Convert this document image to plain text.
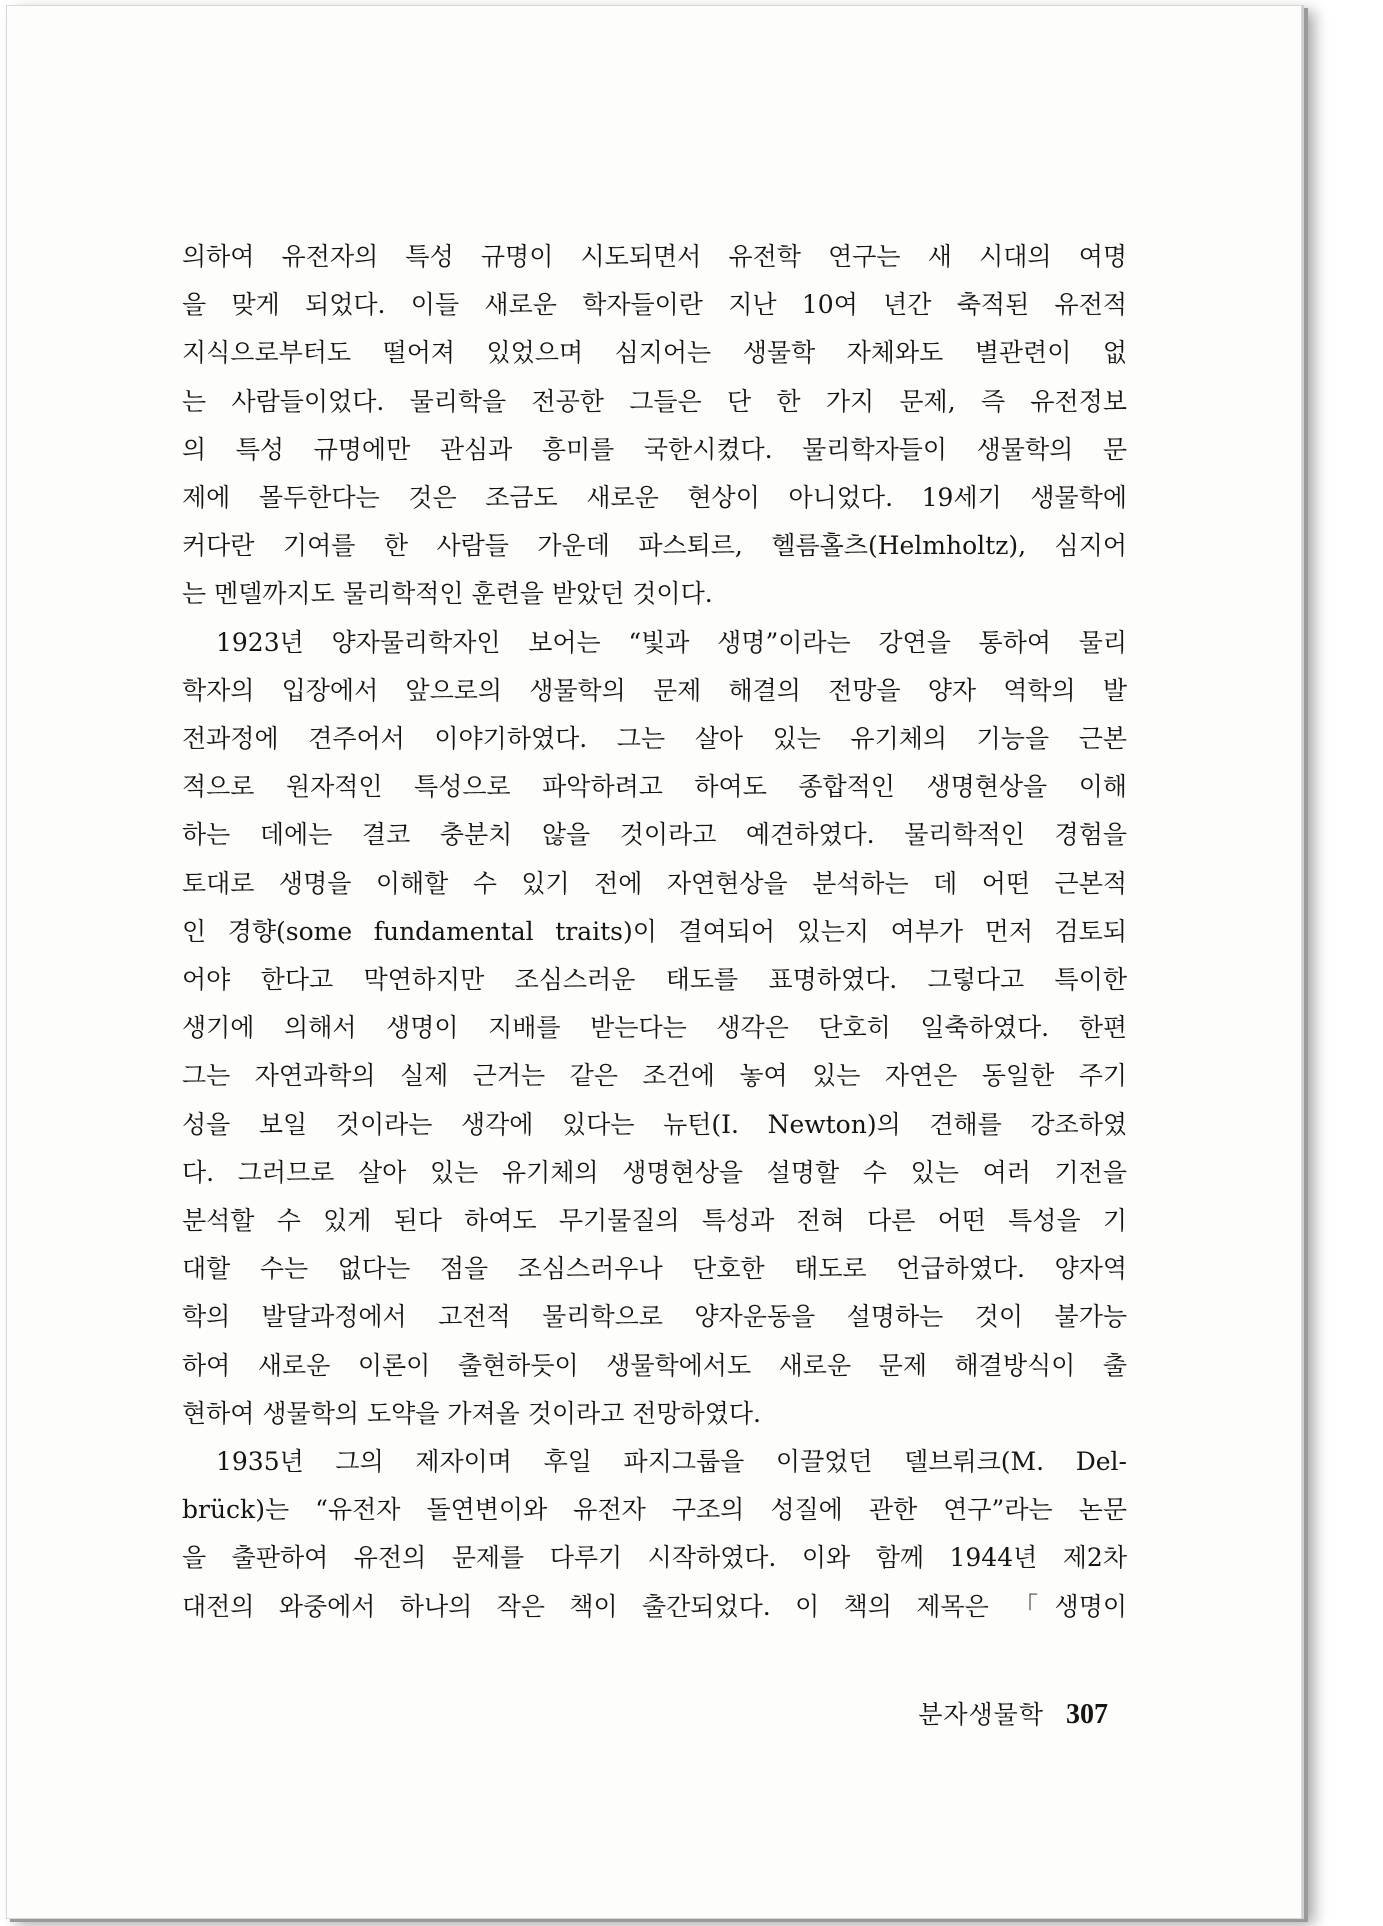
의하여 유전자의 특성 규명이 시도되면서 유전학 연구는 새 시대의 여명
을 맞게 되었다. 이들 새로운 학자들이란 지난 10여 년간 축적된 유전적
지식으로부터도 떨어져 있었으며 심지어는 생물학 자체와도 별관련이 없
는 사람들이었다. 물리학을 전공한 그들은 단 한 가지 문제, 즉 유전정보
의 특성 규명에만 관심과 흥미를 국한시켰다. 물리학자들이 생물학의 문
제에 몰두한다는 것은 조금도 새로운 현상이 아니었다. 19세기 생물학에
커다란 기여를 한 사람들 가운데 파스퇴르, 헬름홀츠(Helmholtz), 심지어
는 멘델까지도 물리학적인 훈련을 받았던 것이다.

1923년 양자물리학자인 보어는 “빛과 생명”이라는 강연을 통하여 물리
학자의 입장에서 앞으로의 생물학의 문제 해결의 전망을 양자 역학의 발
전과정에 견주어서 이야기하였다. 그는 살아 있는 유기체의 기능을 근본
적으로 원자적인 특성으로 파악하려고 하여도 종합적인 생명현상을 이해
하는 데에는 결코 충분치 않을 것이라고 예견하였다. 물리학적인 경험을
토대로 생명을 이해할 수 있기 전에 자연현상을 분석하는 데 어떤 근본적
인 경향(some fundamental traits)이 결여되어 있는지 여부가 먼저 검토되
어야 한다고 막연하지만 조심스러운 태도를 표명하였다. 그렇다고 특이한
생기에 의해서 생명이 지배를 받는다는 생각은 단호히 일축하였다. 한편
그는 자연과학의 실제 근거는 같은 조건에 놓여 있는 자연은 동일한 주기
성을 보일 것이라는 생각에 있다는 뉴턴(I. Newton)의 견해를 강조하였
다. 그러므로 살아 있는 유기체의 생명현상을 설명할 수 있는 여러 기전을
분석할 수 있게 된다 하여도 무기물질의 특성과 전혀 다른 어떤 특성을 기
대할 수는 없다는 점을 조심스러우나 단호한 태도로 언급하였다. 양자역
학의 발달과정에서 고전적 물리학으로 양자운동을 설명하는 것이 불가능
하여 새로운 이론이 출현하듯이 생물학에서도 새로운 문제 해결방식이 출
현하여 생물학의 도약을 가져올 것이라고 전망하였다.

1935년 그의 제자이며 후일 파지그룹을 이끌었던 델브뤼크(M. Del-
brück)는 “유전자 돌연변이와 유전자 구조의 성질에 관한 연구”라는 논문
을 출판하여 유전의 문제를 다루기 시작하였다. 이와 함께 1944년 제2차
대전의 와중에서 하나의 작은 책이 출간되었다. 이 책의 제목은 「생명이

분자생물학 307
